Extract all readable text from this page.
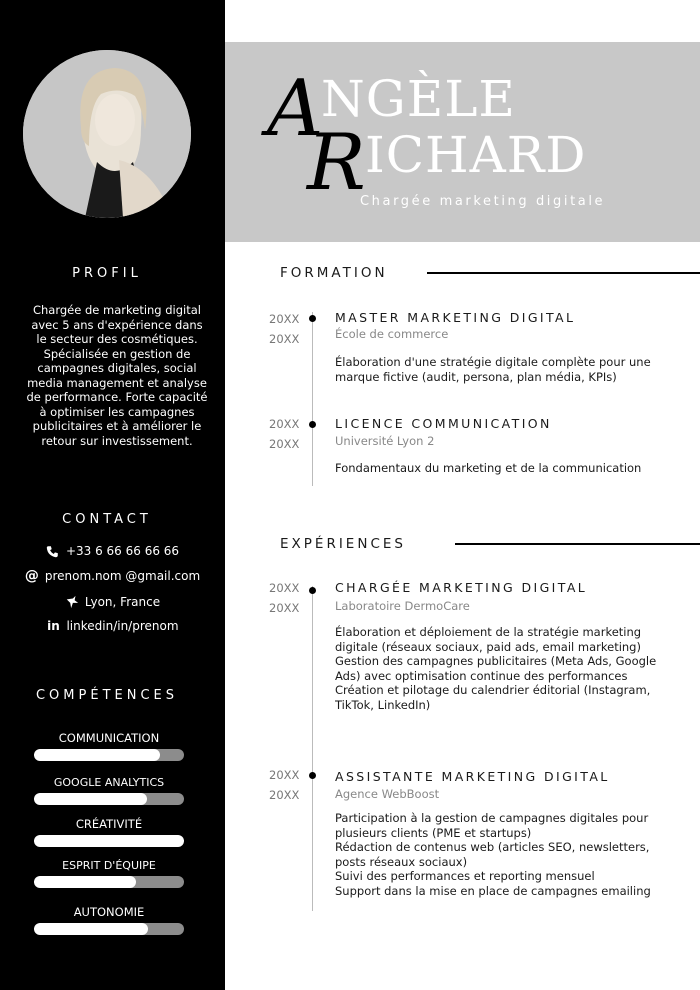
PROFIL
Chargée de marketing digital avec 5 ans d'expérience dans le secteur des cosmétiques. Spécialisée en gestion de campagnes digitales, social media management et analyse de performance. Forte capacité à optimiser les campagnes publicitaires et à améliorer le retour sur investissement.
CONTACT
+33 6 66 66 66 66
@ prenom.nom @gmail.com
Lyon, France
in linkedin/in/prenom
COMPÉTENCES
COMMUNICATION
GOOGLE ANALYTICS
CRÉATIVITÉ
ESPRIT D'ÉQUIPE
AUTONOMIE
A
NGÈLE
R ICHARD
Chargée marketing digitale
FORMATION
20XX
20XX
MASTER MARKETING DIGITAL
École de commerce
Élaboration d'une stratégie digitale complète pour une marque fictive (audit, persona, plan média, KPIs)
20XX
20XX
LICENCE COMMUNICATION
Université Lyon 2
Fondamentaux du marketing et de la communication
EXPÉRIENCES
20XX
20XX
CHARGÉE MARKETING DIGITAL
Laboratoire DermoCare
Élaboration et déploiement de la stratégie marketing digitale (réseaux sociaux, paid ads, email marketing)
Gestion des campagnes publicitaires (Meta Ads, Google Ads) avec optimisation continue des performances
Création et pilotage du calendrier éditorial (Instagram, TikTok, LinkedIn)
20XX
20XX
ASSISTANTE MARKETING DIGITAL
Agence WebBoost
Participation à la gestion de campagnes digitales pour plusieurs clients (PME et startups)
Rédaction de contenus web (articles SEO, newsletters, posts réseaux sociaux)
Suivi des performances et reporting mensuel
Support dans la mise en place de campagnes emailing
